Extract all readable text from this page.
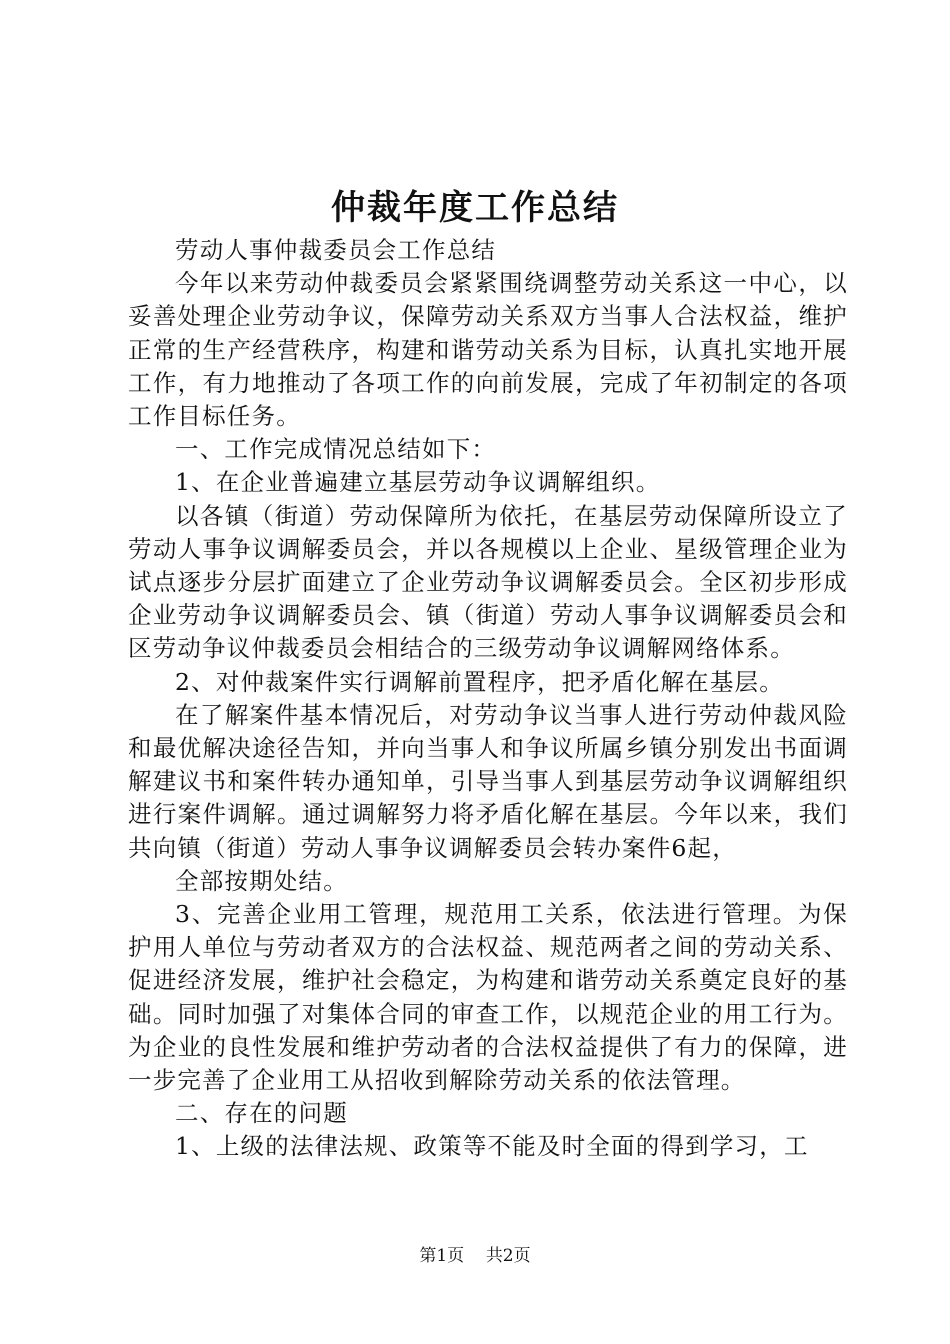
仲裁年度工作总结

劳动人事仲裁委员会工作总结

今年以来劳动仲裁委员会紧紧围绕调整劳动关系这一中心，以妥善处理企业劳动争议，保障劳动关系双方当事人合法权益，维护正常的生产经营秩序，构建和谐劳动关系为目标，认真扎实地开展工作，有力地推动了各项工作的向前发展，完成了年初制定的各项工作目标任务。

一、工作完成情况总结如下：

1、在企业普遍建立基层劳动争议调解组织。

以各镇（街道）劳动保障所为依托，在基层劳动保障所设立了劳动人事争议调解委员会，并以各规模以上企业、星级管理企业为试点逐步分层扩面建立了企业劳动争议调解委员会。全区初步形成企业劳动争议调解委员会、镇（街道）劳动人事争议调解委员会和区劳动争议仲裁委员会相结合的三级劳动争议调解网络体系。

2、对仲裁案件实行调解前置程序，把矛盾化解在基层。

在了解案件基本情况后，对劳动争议当事人进行劳动仲裁风险和最优解决途径告知，并向当事人和争议所属乡镇分别发出书面调解建议书和案件转办通知单，引导当事人到基层劳动争议调解组织进行案件调解。通过调解努力将矛盾化解在基层。今年以来，我们共向镇（街道）劳动人事争议调解委员会转办案件6起，

全部按期处结。

3、完善企业用工管理，规范用工关系，依法进行管理。为保护用人单位与劳动者双方的合法权益、规范两者之间的劳动关系、促进经济发展，维护社会稳定，为构建和谐劳动关系奠定良好的基础。同时加强了对集体合同的审查工作，以规范企业的用工行为。为企业的良性发展和维护劳动者的合法权益提供了有力的保障，进一步完善了企业用工从招收到解除劳动关系的依法管理。

二、存在的问题

1、上级的法律法规、政策等不能及时全面的得到学习，工

第1页 共2页
